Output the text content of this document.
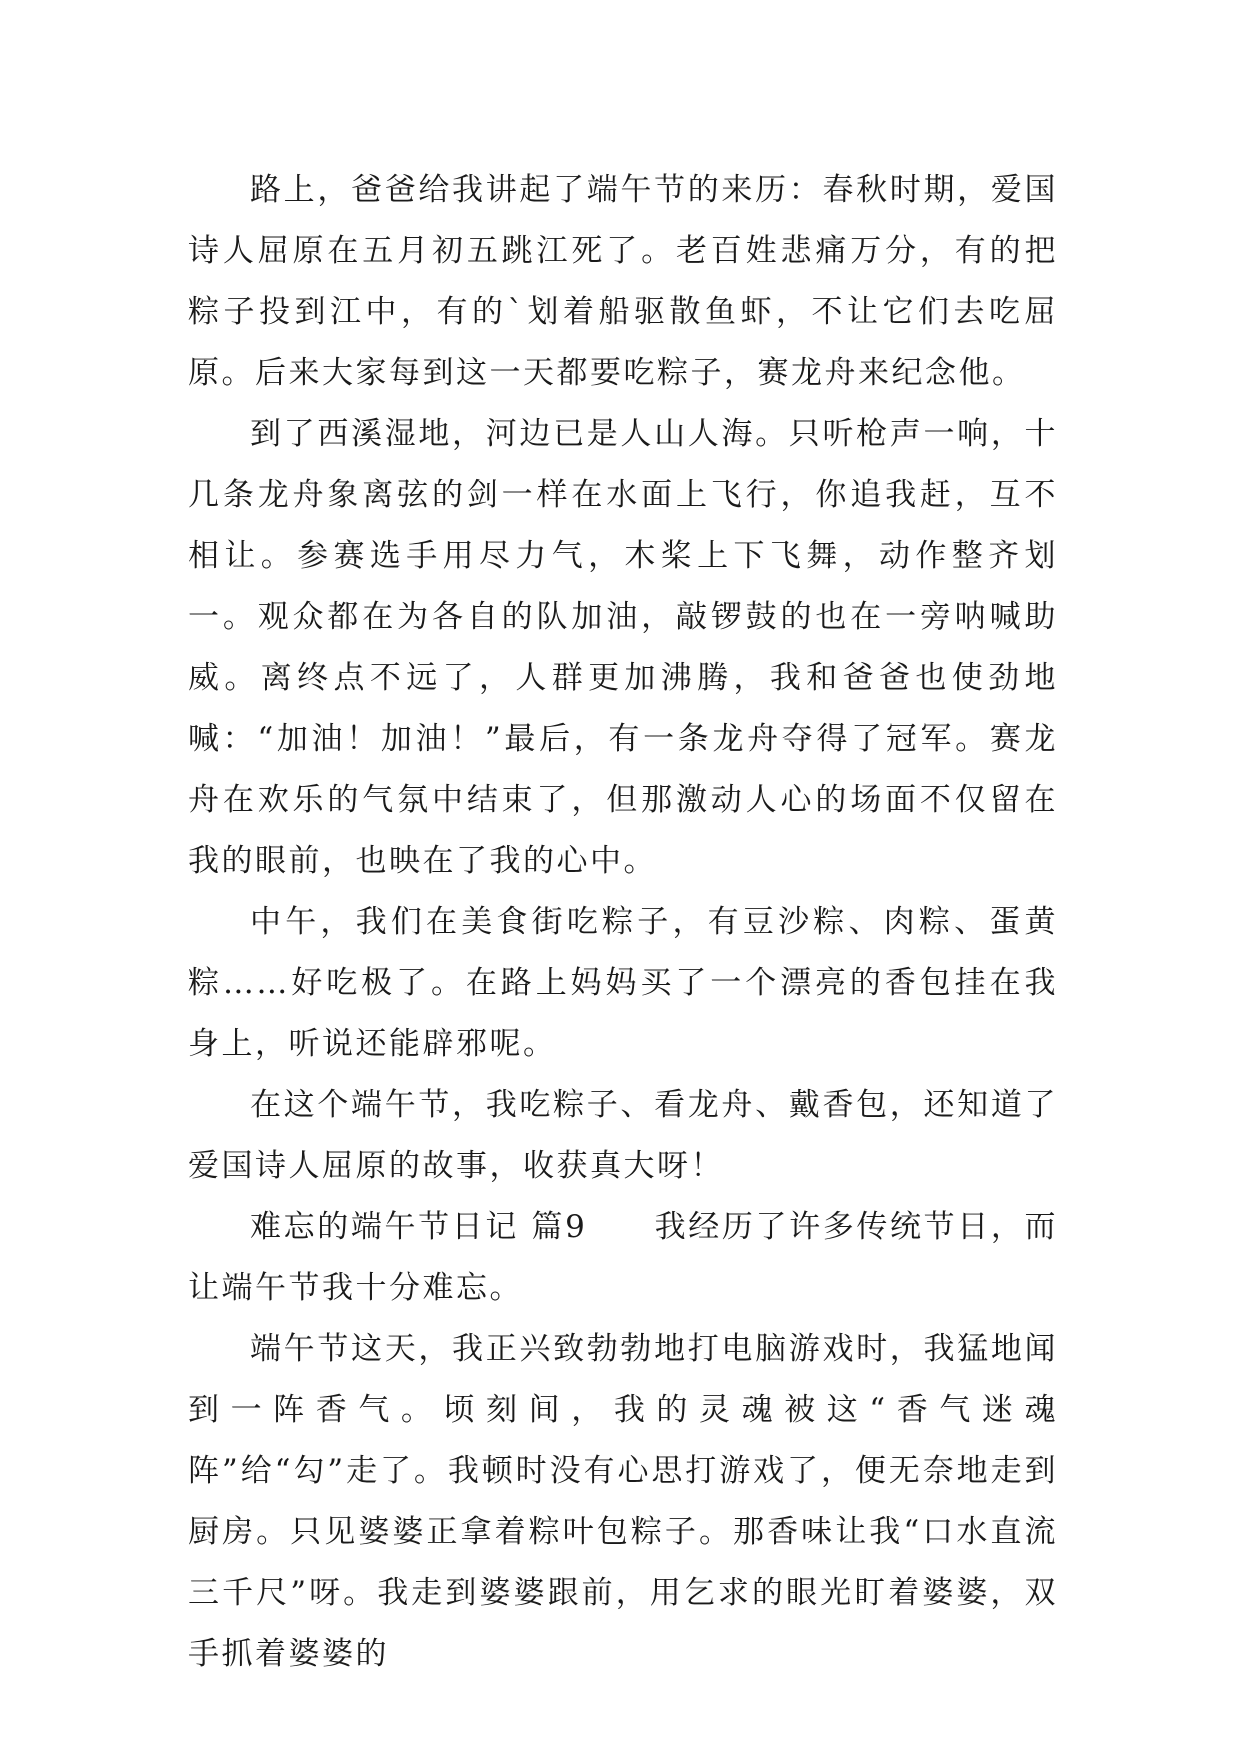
路上，爸爸给我讲起了端午节的来历：春秋时期，爱国诗人屈原在五月初五跳江死了。老百姓悲痛万分，有的把粽子投到江中，有的`划着船驱散鱼虾，不让它们去吃屈原。后来大家每到这一天都要吃粽子，赛龙舟来纪念他。

到了西溪湿地，河边已是人山人海。只听枪声一响，十几条龙舟象离弦的剑一样在水面上飞行，你追我赶，互不相让。参赛选手用尽力气，木桨上下飞舞，动作整齐划一。观众都在为各自的队加油，敲锣鼓的也在一旁呐喊助威。离终点不远了，人群更加沸腾，我和爸爸也使劲地喊：“加油！加油！”最后，有一条龙舟夺得了冠军。赛龙舟在欢乐的气氛中结束了，但那激动人心的场面不仅留在我的眼前，也映在了我的心中。

中午，我们在美食街吃粽子，有豆沙粽、肉粽、蛋黄粽……好吃极了。在路上妈妈买了一个漂亮的香包挂在我身上，听说还能辟邪呢。

在这个端午节，我吃粽子、看龙舟、戴香包，还知道了爱国诗人屈原的故事，收获真大呀！

难忘的端午节日记 篇9　　我经历了许多传统节日，而让端午节我十分难忘。

端午节这天，我正兴致勃勃地打电脑游戏时，我猛地闻到一阵香气。顷刻间，我的灵魂被这“香气迷魂阵”给“勾”走了。我顿时没有心思打游戏了，便无奈地走到厨房。只见婆婆正拿着粽叶包粽子。那香味让我“口水直流三千尺”呀。我走到婆婆跟前，用乞求的眼光盯着婆婆，双手抓着婆婆的
